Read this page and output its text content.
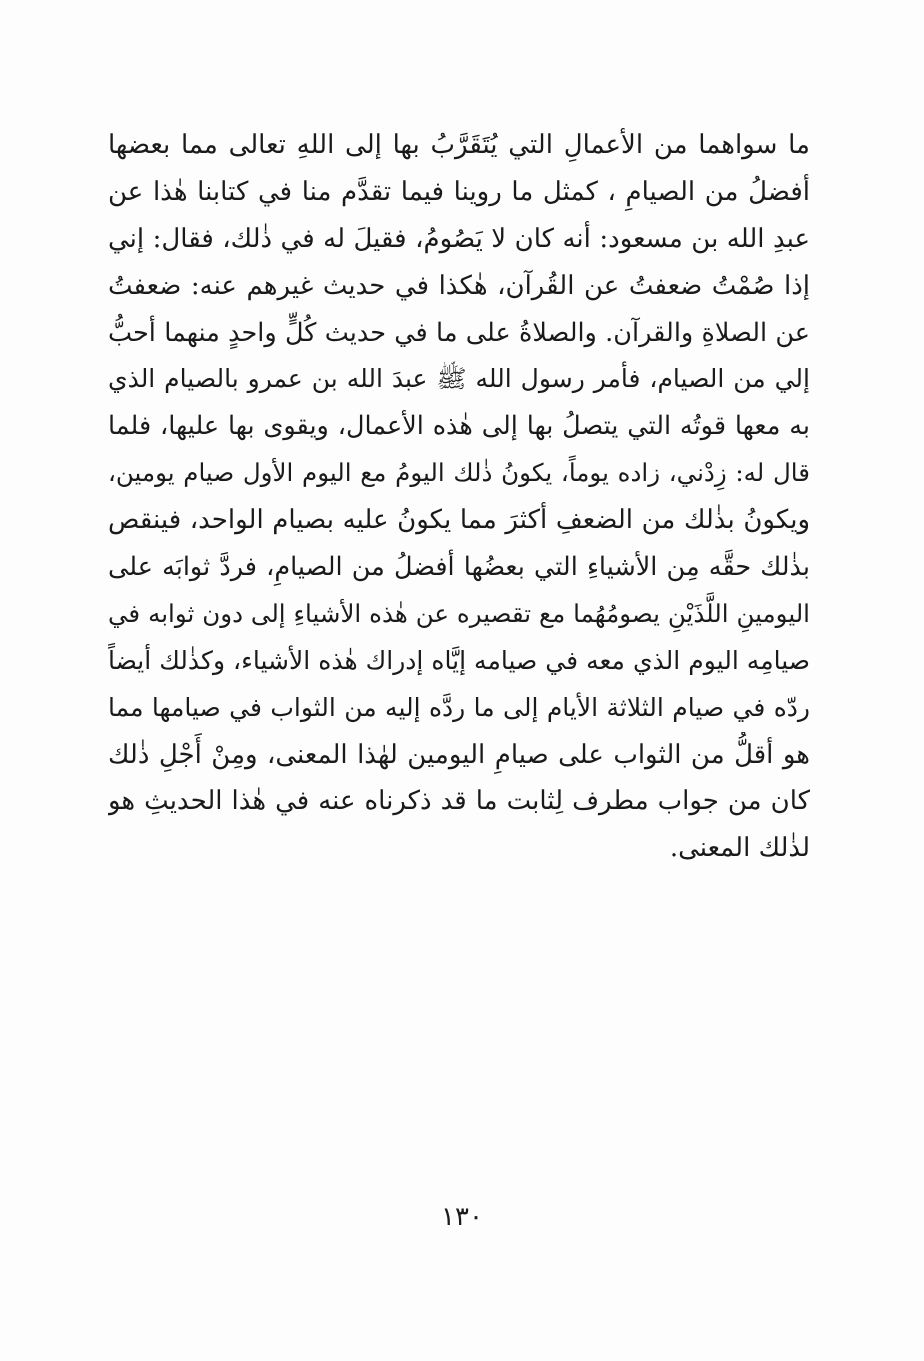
ما سواهما من الأعمالِ التي يُتَقَرَّبُ بها إلى اللهِ تعالى مما بعضها
أفضلُ من الصيامِ ، كمثل ما روينا فيما تقدَّم منا في كتابنا هٰذا عن
عبدِ الله بن مسعود: أنه كان لا يَصُومُ، فقيلَ له في ذٰلك، فقال: إني
إذا صُمْتُ ضعفتُ عن القُرآن، هٰكذا في حديث غيرهم عنه: ضعفتُ
عن الصلاةِ والقرآن. والصلاةُ على ما في حديث كُلٍّ واحدٍ منهما أحبُّ
إلي من الصيام، فأمر رسول الله ﷺ عبدَ الله بن عمرو بالصيام الذي
به معها قوتُه التي يتصلُ بها إلى هٰذه الأعمال، ويقوى بها عليها، فلما
قال له: زِدْني، زاده يوماً، يكونُ ذٰلك اليومُ مع اليوم الأول صيام يومين،
ويكونُ بذٰلك من الضعفِ أكثرَ مما يكونُ عليه بصيام الواحد، فينقص
بذٰلك حقَّه مِن الأشياءِ التي بعضُها أفضلُ من الصيامِ، فردَّ ثوابَه على
اليومينِ اللَّذَيْنِ يصومُهُما مع تقصيره عن هٰذه الأشياءِ إلى دون ثوابه في
صيامِه اليوم الذي معه في صيامه إيَّاه إدراك هٰذه الأشياء، وكذٰلك أيضاً
ردّه في صيام الثلاثة الأيام إلى ما ردَّه إليه من الثواب في صيامها مما
هو أقلُّ من الثواب على صيامِ اليومين لهٰذا المعنى، ومِنْ أَجْلِ ذٰلك
كان من جواب مطرف لِثابت ما قد ذكرناه عنه في هٰذا الحديثِ هو
لذٰلك المعنى.
١٣٠
